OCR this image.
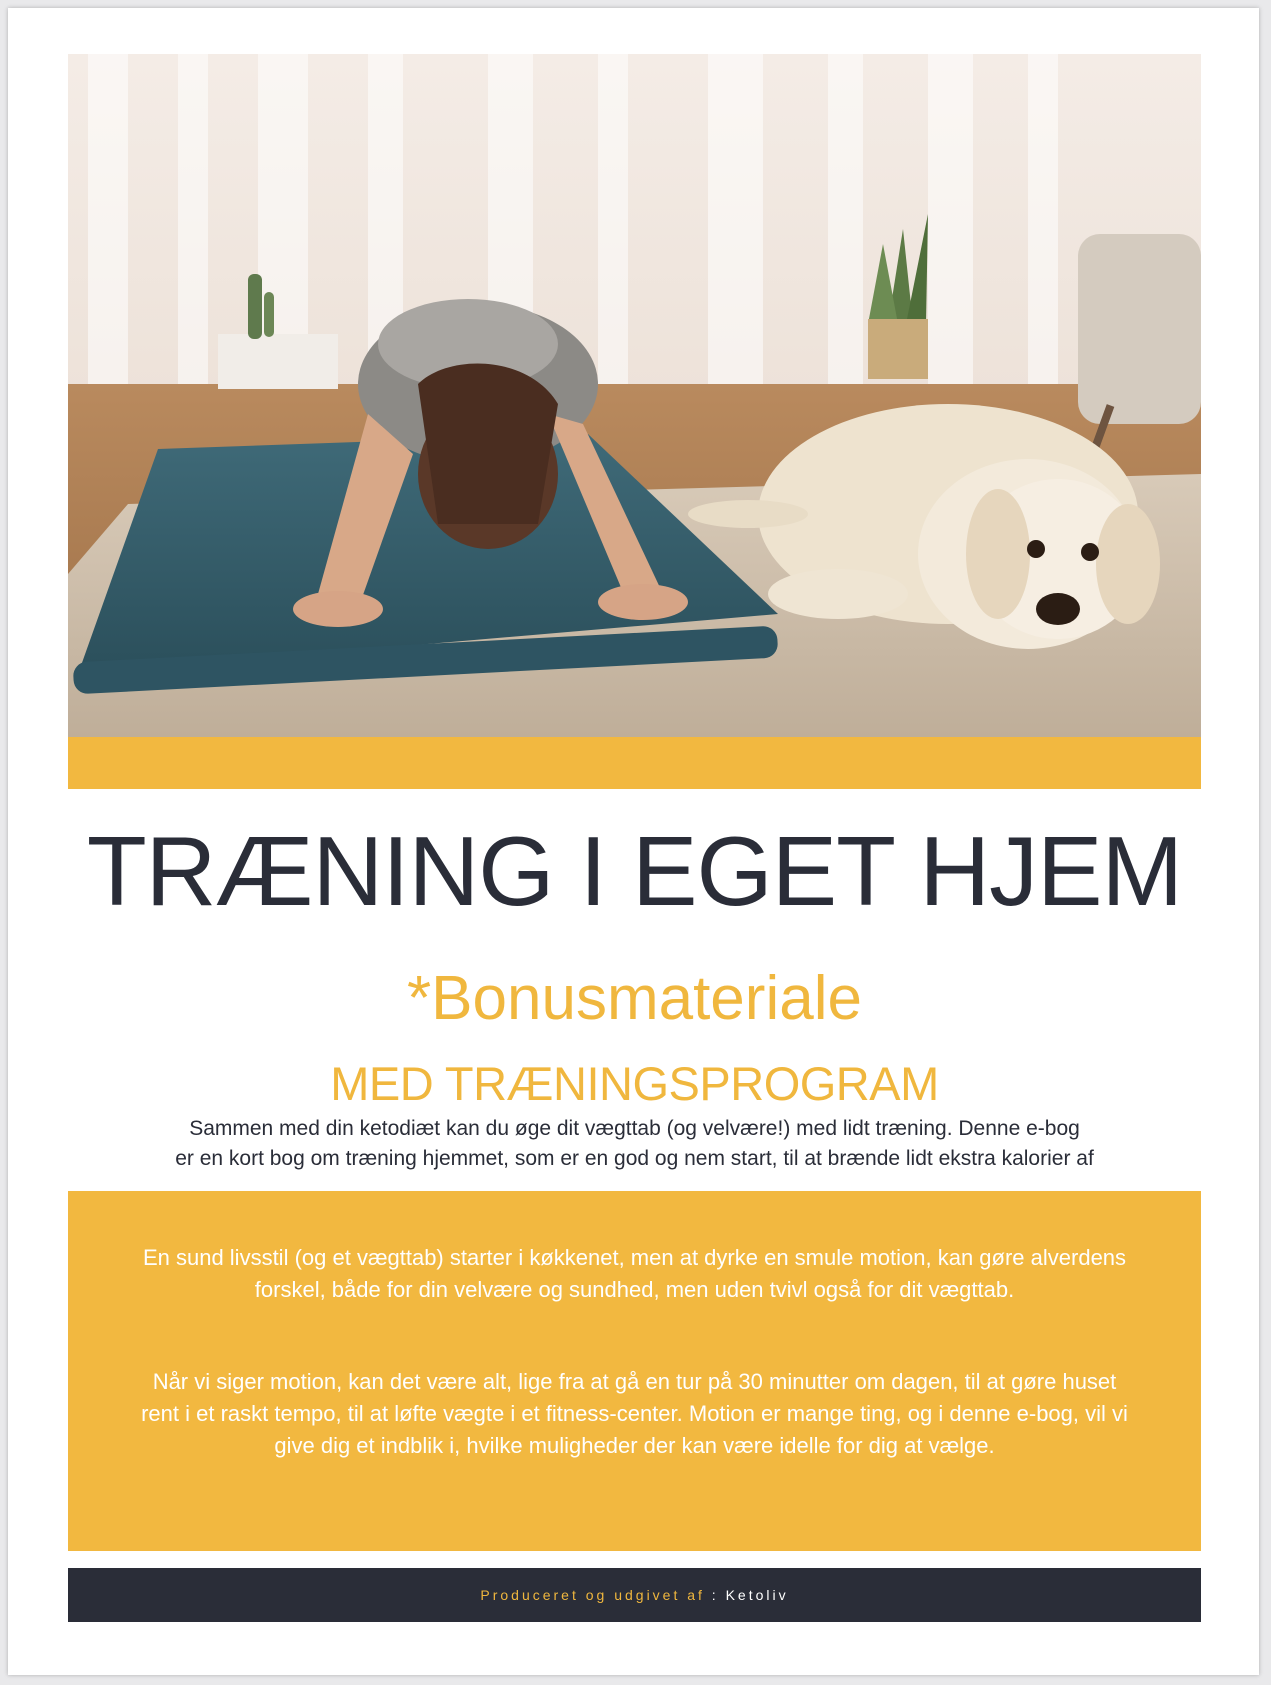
TRÆNING I EGET HJEM
*Bonusmateriale
MED TRÆNINGSPROGRAM
Sammen med din ketodiæt kan du øge dit vægttab (og velvære!) med lidt træning. Denne e-bog
er en kort bog om træning hjemmet, som er en god og nem start, til at brænde lidt ekstra kalorier af

En sund livsstil (og et vægttab) starter i køkkenet, men at dyrke en smule motion, kan gøre alverdens forskel, både for din velvære og sundhed, men uden tvivl også for dit vægttab.

Når vi siger motion, kan det være alt, lige fra at gå en tur på 30 minutter om dagen, til at gøre huset rent i et raskt tempo, til at løfte vægte i et fitness-center. Motion er mange ting, og i denne e-bog, vil vi give dig et indblik i, hvilke muligheder der kan være idelle for dig at vælge.

Produceret og udgivet af : Ketoliv
